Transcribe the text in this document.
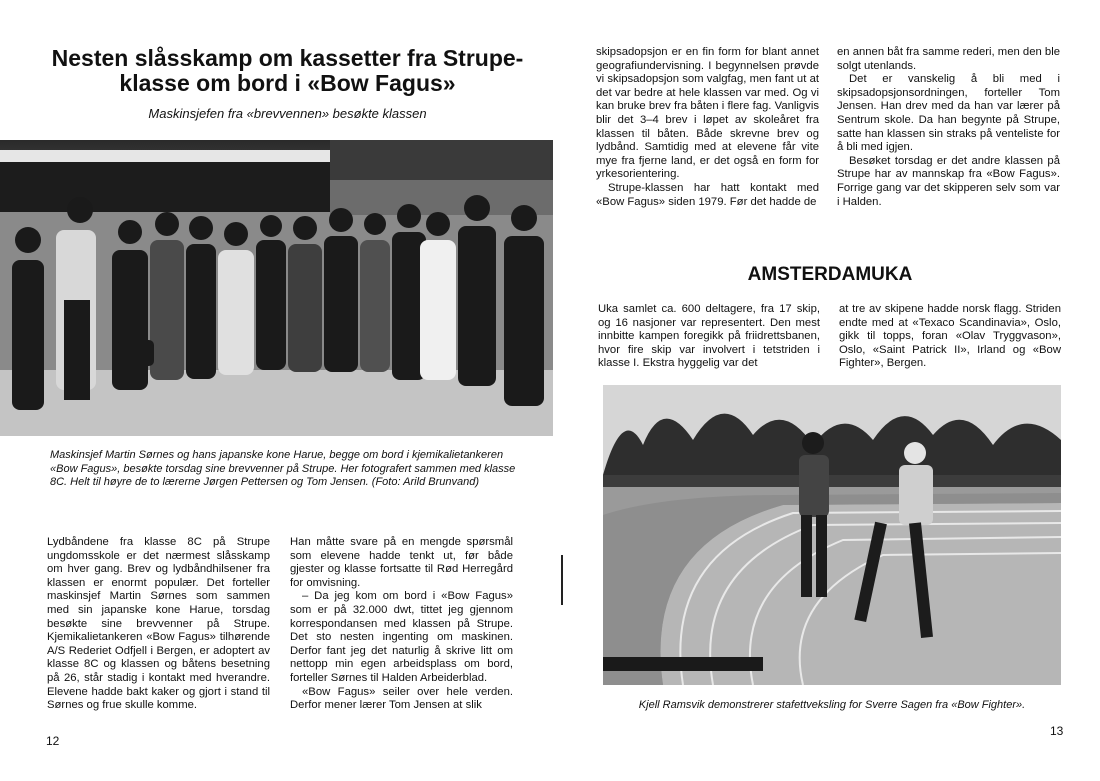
Nesten slåsskamp om kassetter fra Strupe-klasse om bord i «Bow Fagus»
Maskinsjefen fra «brevvennen» besøkte klassen
Maskinsjef Martin Sørnes og hans japanske kone Harue, begge om bord i kjemikalietankeren «Bow Fagus», besøkte torsdag sine brevvenner på Strupe. Her fotografert sammen med klasse 8C. Helt til høyre de to lærerne Jørgen Pettersen og Tom Jensen. (Foto: Arild Brunvand)

Lydbåndene fra klasse 8C på Strupe ungdomsskole er det nærmest slåsskamp om hver gang. Brev og lydbåndhilsener fra klassen er enormt populær. Det forteller maskinsjef Martin Sørnes som sammen med sin japanske kone Harue, torsdag besøkte sine brevvenner på Strupe. Kjemikalietankeren «Bow Fagus» tilhørende A/S Rederiet Odfjell i Bergen, er adoptert av klasse 8C og klassen og båtens besetning på 26, står stadig i kontakt med hverandre. Elevene hadde bakt kaker og gjort i stand til Sørnes og frue skulle komme.

Han måtte svare på en mengde spørsmål som elevene hadde tenkt ut, før både gjester og klasse fortsatte til Rød Herregård for omvisning.

– Da jeg kom om bord i «Bow Fagus» som er på 32.000 dwt, tittet jeg gjennom korrespondansen med klassen på Strupe. Det sto nesten ingenting om maskinen. Derfor fant jeg det naturlig å skrive litt om nettopp min egen arbeidsplass om bord, forteller Sørnes til Halden Arbeiderblad.

«Bow Fagus» seiler over hele verden. Derfor mener lærer Tom Jensen at slik

12

skipsadopsjon er en fin form for blant annet geografiundervisning. I begynnelsen prøvde vi skipsadopsjon som valgfag, men fant ut at det var bedre at hele klassen var med. Og vi kan bruke brev fra båten i flere fag. Vanligvis blir det 3–4 brev i løpet av skoleåret fra klassen til båten. Både skrevne brev og lydbånd. Samtidig med at elevene får vite mye fra fjerne land, er det også en form for yrkesorientering.

Strupe-klassen har hatt kontakt med «Bow Fagus» siden 1979. Før det hadde de

en annen båt fra samme rederi, men den ble solgt utenlands.

Det er vanskelig å bli med i skipsadopsjonsordningen, forteller Tom Jensen. Han drev med da han var lærer på Sentrum skole. Da han begynte på Strupe, satte han klassen sin straks på venteliste for å bli med igjen.

Besøket torsdag er det andre klassen på Strupe har av mannskap fra «Bow Fagus». Forrige gang var det skipperen selv som var i Halden.

AMSTERDAMUKA

Uka samlet ca. 600 deltagere, fra 17 skip, og 16 nasjoner var representert. Den mest innbitte kampen foregikk på friidrettsbanen, hvor fire skip var involvert i tetstriden i klasse I. Ekstra hyggelig var det

at tre av skipene hadde norsk flagg. Striden endte med at «Texaco Scandinavia», Oslo, gikk til topps, foran «Olav Tryggvason», Oslo, «Saint Patrick II», Irland og «Bow Fighter», Bergen.

Kjell Ramsvik demonstrerer stafettveksling for Sverre Sagen fra «Bow Fighter».
13
